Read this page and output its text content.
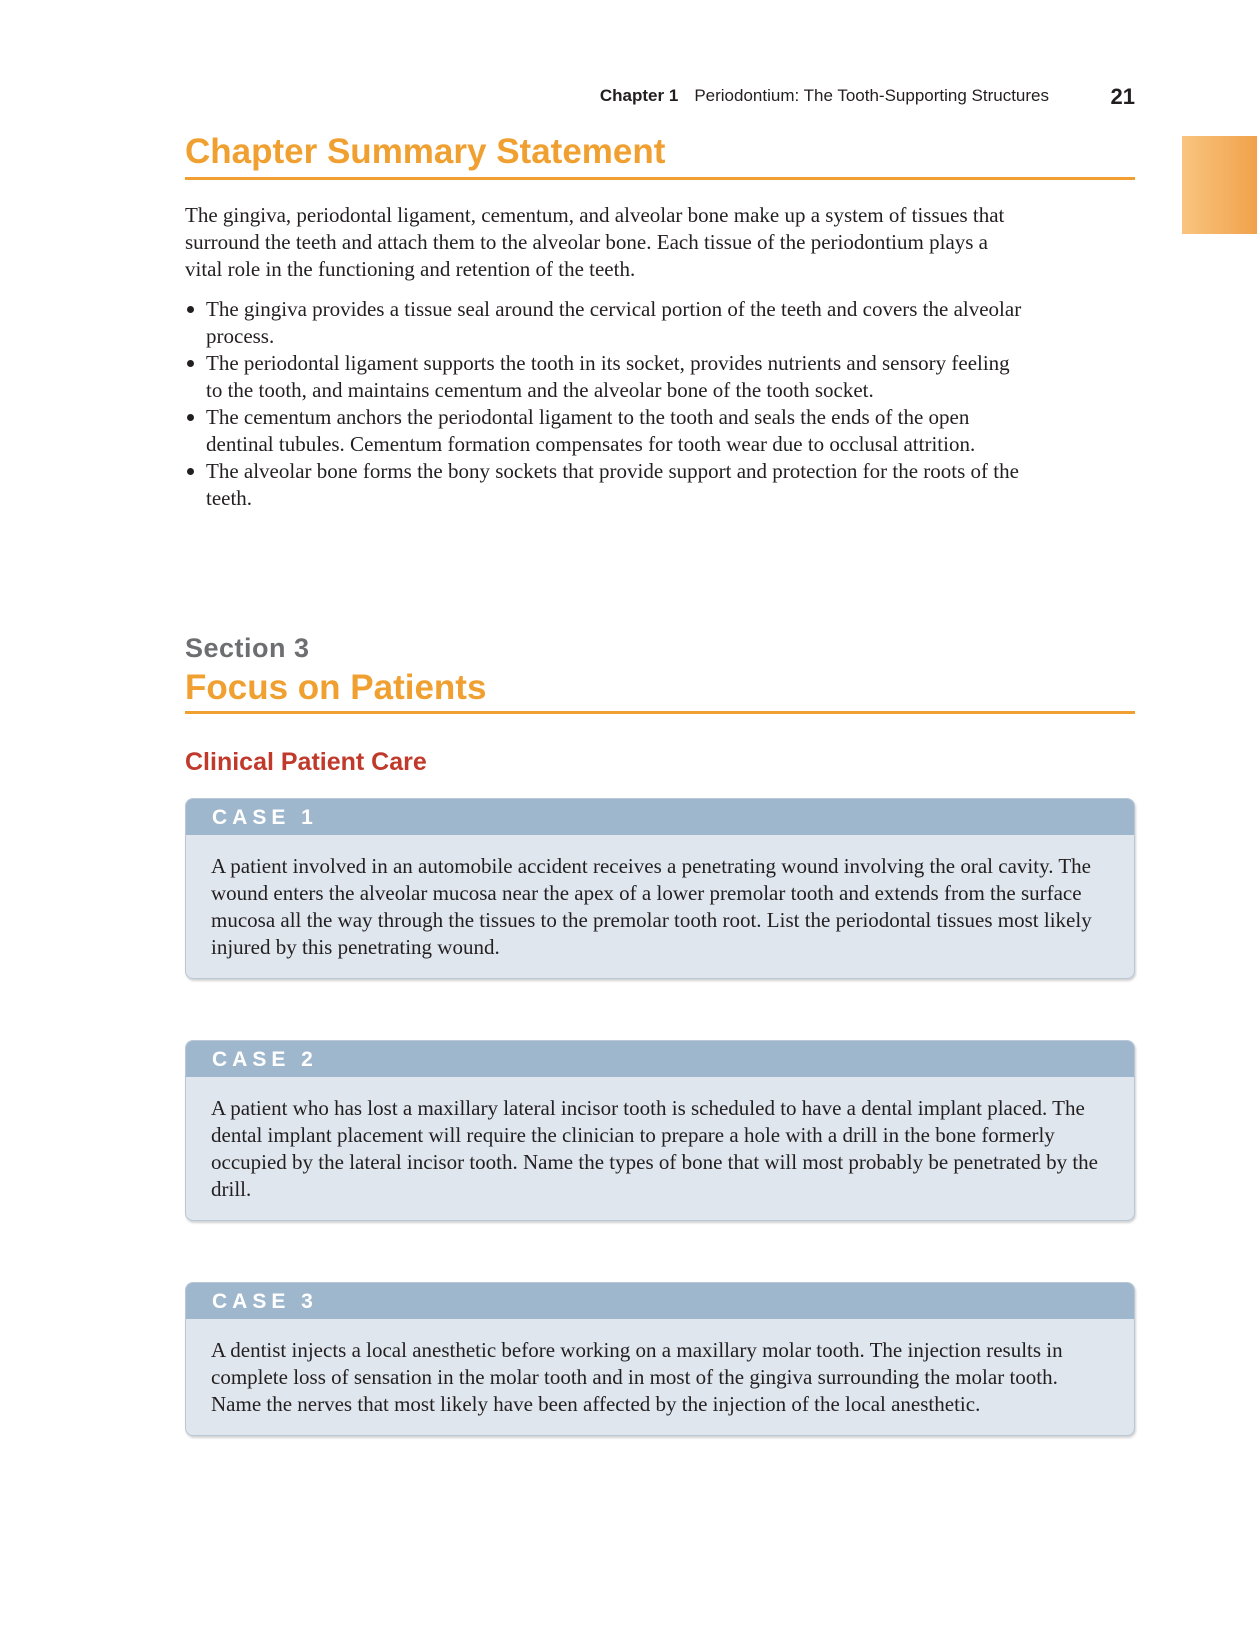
Chapter 1 Periodontium: The Tooth-Supporting Structures	21
Chapter Summary Statement

The gingiva, periodontal ligament, cementum, and alveolar bone make up a system of tissues that surround the teeth and attach them to the alveolar bone. Each tissue of the periodontium plays a vital role in the functioning and retention of the teeth.

The gingiva provides a tissue seal around the cervical portion of the teeth and covers the alveolar process.
The periodontal ligament supports the tooth in its socket, provides nutrients and sensory feeling to the tooth, and maintains cementum and the alveolar bone of the tooth socket.
The cementum anchors the periodontal ligament to the tooth and seals the ends of the open dentinal tubules. Cementum formation compensates for tooth wear due to occlusal attrition.
The alveolar bone forms the bony sockets that provide support and protection for the roots of the teeth.
Section 3
Focus on Patients
Clinical Patient Care
CASE 1

A patient involved in an automobile accident receives a penetrating wound involving the oral cavity. The wound enters the alveolar mucosa near the apex of a lower premolar tooth and extends from the surface mucosa all the way through the tissues to the premolar tooth root. List the periodontal tissues most likely injured by this penetrating wound.

CASE 2

A patient who has lost a maxillary lateral incisor tooth is scheduled to have a dental implant placed. The dental implant placement will require the clinician to prepare a hole with a drill in the bone formerly occupied by the lateral incisor tooth. Name the types of bone that will most probably be penetrated by the drill.

CASE 3

A dentist injects a local anesthetic before working on a maxillary molar tooth. The injection results in complete loss of sensation in the molar tooth and in most of the gingiva surrounding the molar tooth. Name the nerves that most likely have been affected by the injection of the local anesthetic.
